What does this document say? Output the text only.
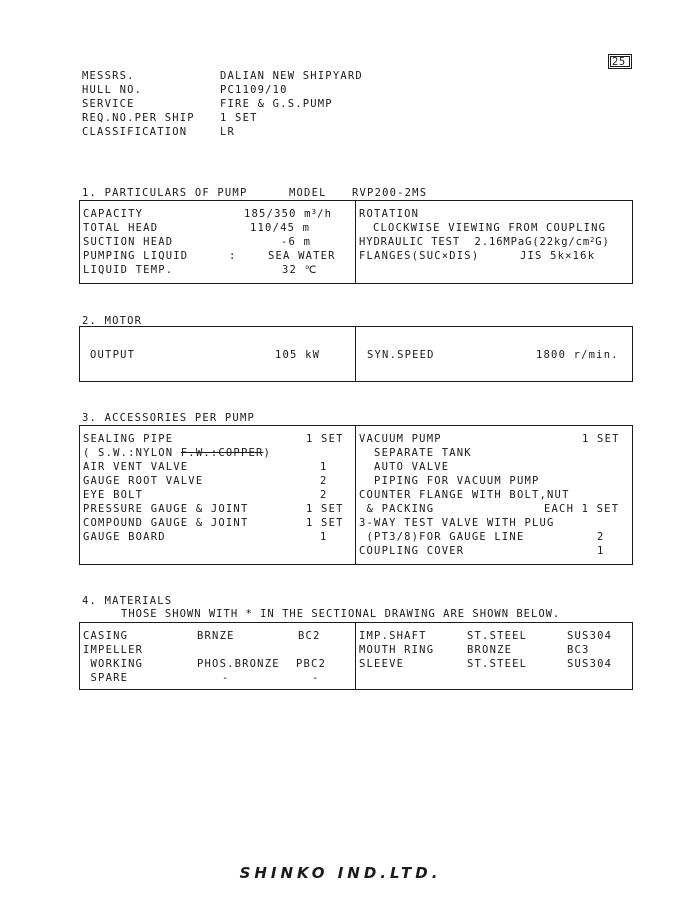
25
MESSRS.	DALIAN NEW SHIPYARD
HULL NO.	PC1109/10
SERVICE	FIRE & G.S.PUMP
REQ.NO.PER SHIP 1 SET
CLASSIFICATION	LR
1. PARTICULARS OF PUMP	MODEL RVP200-2MS
CAPACITY	185/350 $m^3/h$
TOTAL HEAD	110/45 m
SUCTION HEAD	-6 m
PUMPING LIQUID	:	SEA WATER
LIQUID TEMP.	32 ℃
ROTATION
CLOCKWISE VIEWING FROM COUPLING
HYDRAULIC TEST  $2.16MPaG(22kg/cm^2G)$
FLANGES(SUC×DIS)	JIS 5k×16k
2. MOTOR
OUTPUT	105 kW	SYN.SPEED	1800 r/min.
3. ACCESSORIES PER PUMP
SEALING PIPE	1 SET
( S.W.:NYLON F.W.:COPPER)
AIR VENT VALVE	1
GAUGE ROOT VALVE	2
EYE BOLT	2
PRESSURE GAUGE & JOINT	1 SET
COMPOUND GAUGE & JOINT	1 SET
GAUGE BOARD	1
VACUUM PUMP	1 SET
SEPARATE TANK
AUTO VALVE
PIPING FOR VACUUM PUMP
COUNTER FLANGE WITH BOLT,NUT
& PACKING	EACH 1 SET
3-WAY TEST VALVE WITH PLUG
(PT3/8)FOR GAUGE LINE	2
COUPLING COVER	1
4. MATERIALS
THOSE SHOWN WITH * IN THE SECTIONAL DRAWING ARE SHOWN BELOW.
CASING	BRNZE	BC2
IMPELLER
WORKING	PHOS.BRONZE PBC2
SPARE	-	-
IMP.SHAFT	ST.STEEL	SUS304
MOUTH RING	BRONZE	BC3
SLEEVE	ST.STEEL	SUS304
SHINKO IND.LTD.
